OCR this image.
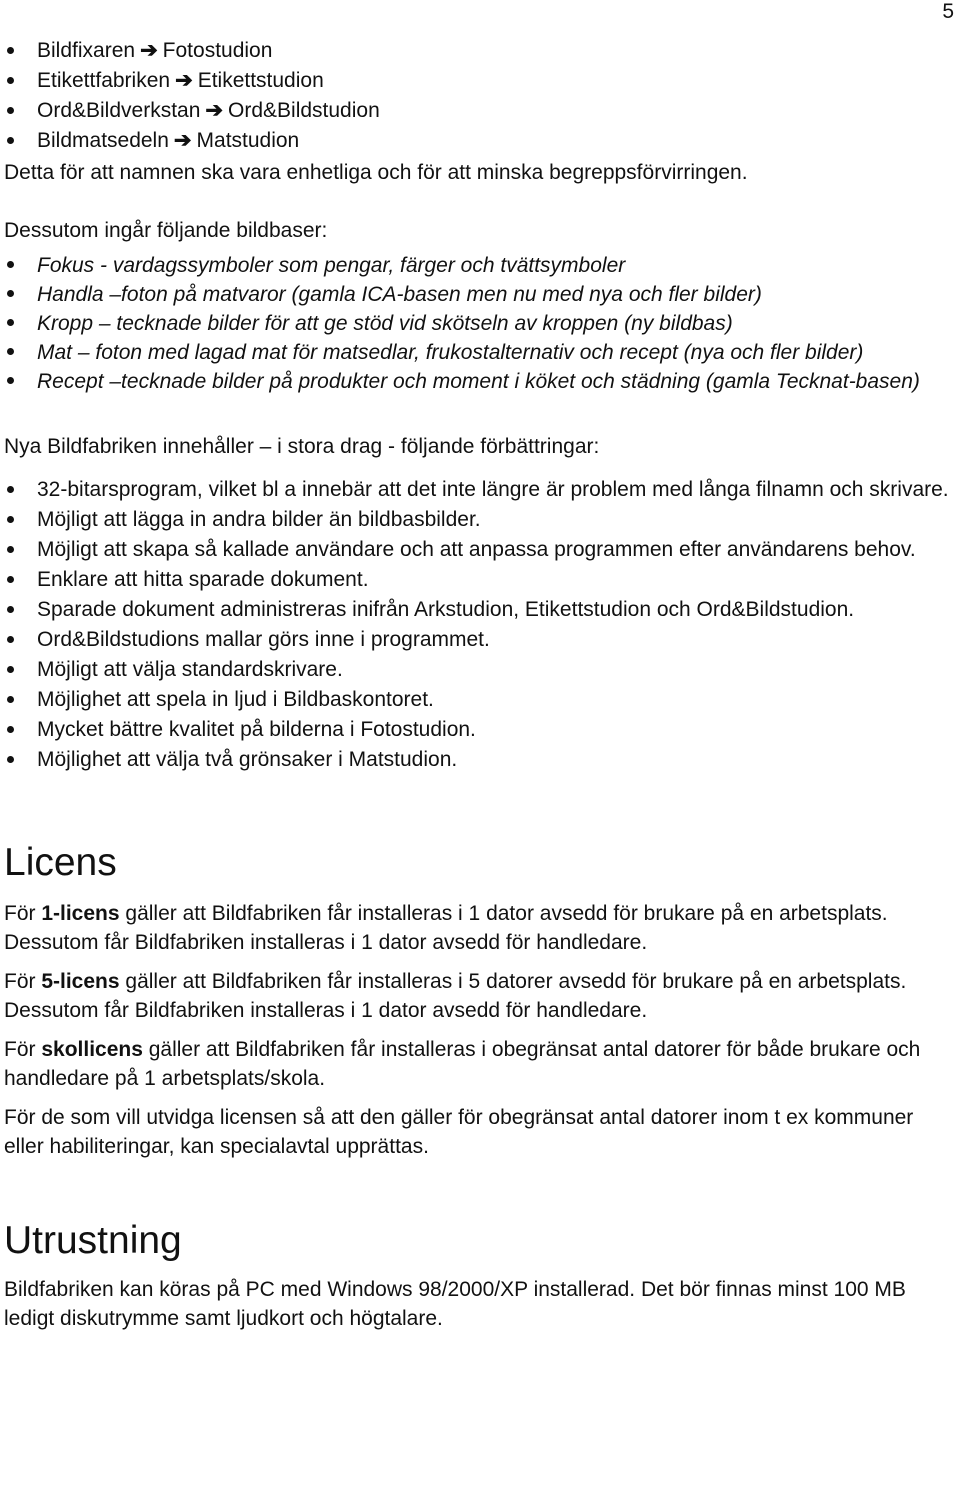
5
Bildfixaren ➔ Fotostudion
Etikettfabriken ➔ Etikettstudion
Ord&Bildverkstan ➔ Ord&Bildstudion
Bildmatsedeln ➔ Matstudion

Detta för att namnen ska vara enhetliga och för att minska begreppsförvirringen.

Dessutom ingår följande bildbaser:

Fokus - vardagssymboler som pengar, färger och tvättsymboler
Handla –foton på matvaror (gamla ICA-basen men nu med nya och fler bilder)
Kropp – tecknade bilder för att ge stöd vid skötseln av kroppen (ny bildbas)
Mat – foton med lagad mat för matsedlar, frukostalternativ och recept (nya och fler bilder)
Recept –tecknade bilder på produkter och moment i köket och städning (gamla Tecknat-basen)

Nya Bildfabriken innehåller – i stora drag - följande förbättringar:

32-bitarsprogram, vilket bl a innebär att det inte längre är problem med långa filnamn och skrivare.
Möjligt att lägga in andra bilder än bildbasbilder.
Möjligt att skapa så kallade användare och att anpassa programmen efter användarens behov.
Enklare att hitta sparade dokument.
Sparade dokument administreras inifrån Arkstudion, Etikettstudion och Ord&Bildstudion.
Ord&Bildstudions mallar görs inne i programmet.
Möjligt att välja standardskrivare.
Möjlighet att spela in ljud i Bildbaskontoret.
Mycket bättre kvalitet på bilderna i Fotostudion.
Möjlighet att välja två grönsaker i Matstudion.
Licens

För 1-licens gäller att Bildfabriken får installeras i 1 dator avsedd för brukare på en arbetsplats. Dessutom får Bildfabriken installeras i 1 dator avsedd för handledare.

För 5-licens gäller att Bildfabriken får installeras i 5 datorer avsedd för brukare på en arbetsplats. Dessutom får Bildfabriken installeras i 1 dator avsedd för handledare.

För skollicens gäller att Bildfabriken får installeras i obegränsat antal datorer för både brukare och handledare på 1 arbetsplats/skola.

För de som vill utvidga licensen så att den gäller för obegränsat antal datorer inom t ex kommuner eller habiliteringar, kan specialavtal upprättas.

Utrustning

Bildfabriken kan köras på PC med Windows 98/2000/XP installerad. Det bör finnas minst 100 MB ledigt diskutrymme samt ljudkort och högtalare.
